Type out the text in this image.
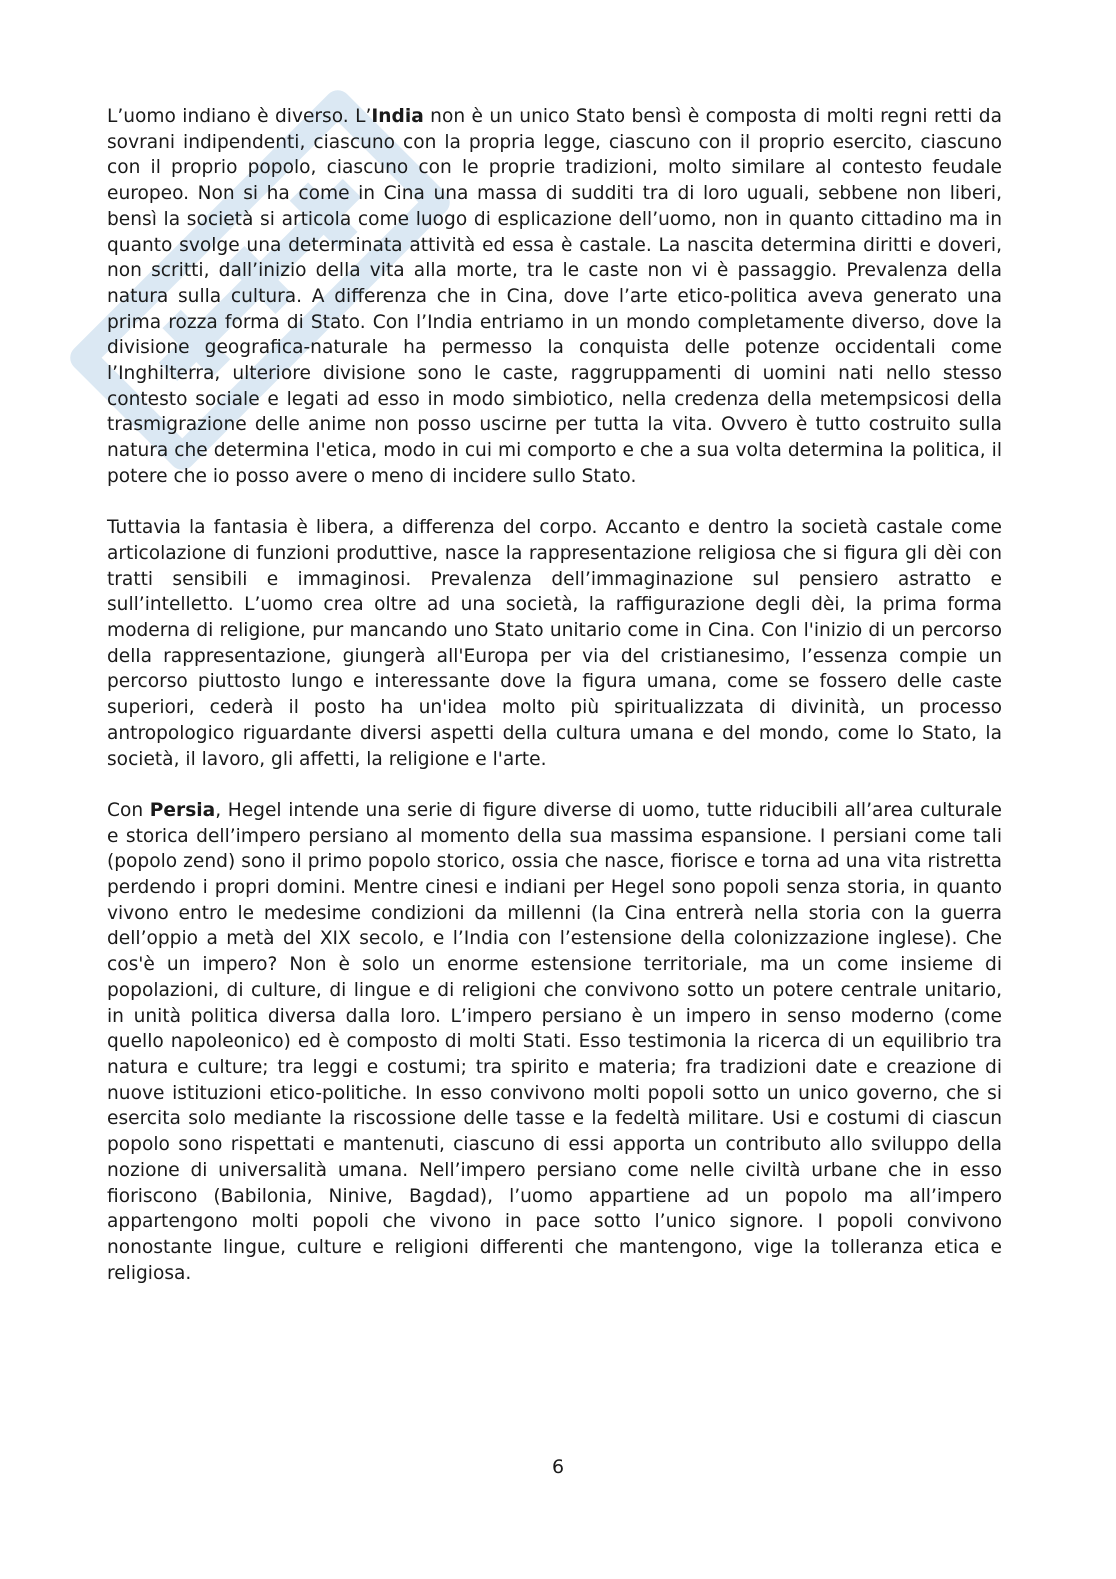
L’uomo indiano è diverso. L’India non è un unico Stato bensì è composta di molti regni retti da sovrani indipendenti, ciascuno con la propria legge, ciascuno con il proprio esercito, ciascuno con il proprio popolo, ciascuno con le proprie tradizioni, molto similare al contesto feudale europeo. Non si ha come in Cina una massa di sudditi tra di loro uguali, sebbene non liberi, bensì la società si articola come luogo di esplicazione dell’uomo, non in quanto cittadino ma in quanto svolge una determinata attività ed essa è castale. La nascita determina diritti e doveri, non scritti, dall’inizio della vita alla morte, tra le caste non vi è passaggio. Prevalenza della natura sulla cultura. A differenza che in Cina, dove l’arte etico-politica aveva generato una prima rozza forma di Stato. Con l’India entriamo in un mondo completamente diverso, dove la divisione geografica-naturale ha permesso la conquista delle potenze occidentali come l’Inghilterra, ulteriore divisione sono le caste, raggruppamenti di uomini nati nello stesso contesto sociale e legati ad esso in modo simbiotico, nella credenza della metempsicosi della trasmigrazione delle anime non posso uscirne per tutta la vita. Ovvero è tutto costruito sulla natura che determina l'etica, modo in cui mi comporto e che a sua volta determina la politica, il potere che io posso avere o meno di incidere sullo Stato.

Tuttavia la fantasia è libera, a differenza del corpo. Accanto e dentro la società castale come articolazione di funzioni produttive, nasce la rappresentazione religiosa che si figura gli dèi con tratti sensibili e immaginosi. Prevalenza dell’immaginazione sul pensiero astratto e sull’intelletto. L’uomo crea oltre ad una società, la raffigurazione degli dèi, la prima forma moderna di religione, pur mancando uno Stato unitario come in Cina. Con l'inizio di un percorso della rappresentazione, giungerà all'Europa per via del cristianesimo, l’essenza compie un percorso piuttosto lungo e interessante dove la figura umana, come se fossero delle caste superiori, cederà il posto ha un'idea molto più spiritualizzata di divinità, un processo antropologico riguardante diversi aspetti della cultura umana e del mondo, come lo Stato, la società, il lavoro, gli affetti, la religione e l'arte.

Con Persia, Hegel intende una serie di figure diverse di uomo, tutte riducibili all’area culturale e storica dell’impero persiano al momento della sua massima espansione. I persiani come tali (popolo zend) sono il primo popolo storico, ossia che nasce, fiorisce e torna ad una vita ristretta perdendo i propri domini. Mentre cinesi e indiani per Hegel sono popoli senza storia, in quanto vivono entro le medesime condizioni da millenni (la Cina entrerà nella storia con la guerra dell’oppio a metà del XIX secolo, e l’India con l’estensione della colonizzazione inglese). Che cos'è un impero? Non è solo un enorme estensione territoriale, ma un come insieme di popolazioni, di culture, di lingue e di religioni che convivono sotto un potere centrale unitario, in unità politica diversa dalla loro. L’impero persiano è un impero in senso moderno (come quello napoleonico) ed è composto di molti Stati. Esso testimonia la ricerca di un equilibrio tra natura e culture; tra leggi e costumi; tra spirito e materia; fra tradizioni date e creazione di nuove istituzioni etico-politiche. In esso convivono molti popoli sotto un unico governo, che si esercita solo mediante la riscossione delle tasse e la fedeltà militare. Usi e costumi di ciascun popolo sono rispettati e mantenuti, ciascuno di essi apporta un contributo allo sviluppo della nozione di universalità umana. Nell’impero persiano come nelle civiltà urbane che in esso fioriscono (Babilonia, Ninive, Bagdad), l’uomo appartiene ad un popolo ma all’impero appartengono molti popoli che vivono in pace sotto l’unico signore. I popoli convivono nonostante lingue, culture e religioni differenti che mantengono, vige la tolleranza etica e religiosa.

6
